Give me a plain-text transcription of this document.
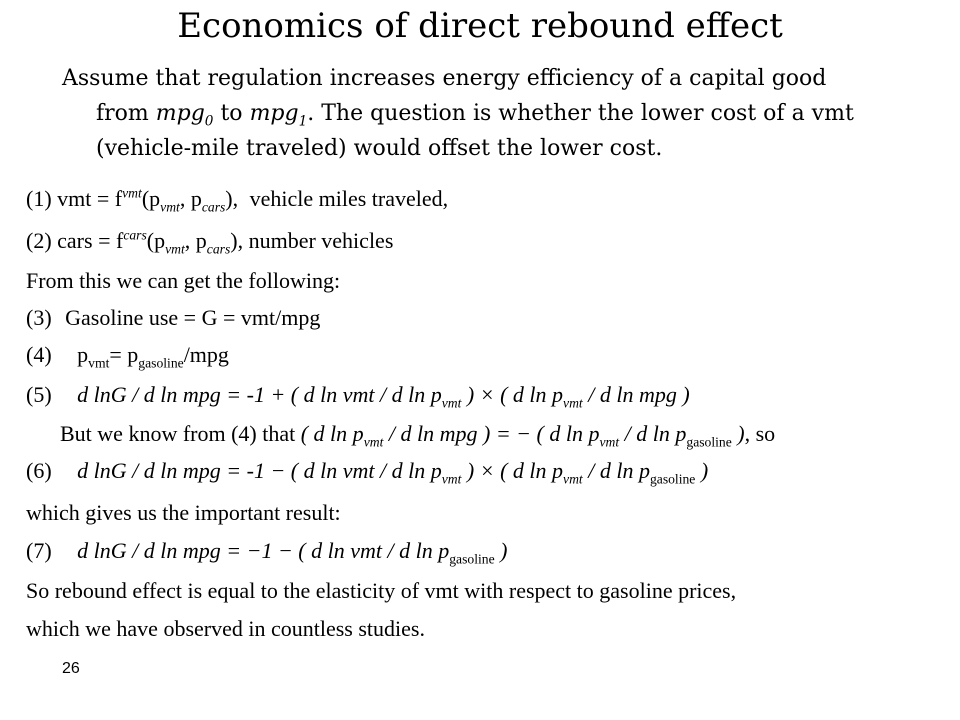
Economics of direct rebound effect
Assume that regulation increases energy efficiency of a capital good
from mpg$_0$ to mpg$_1$. The question is whether the lower cost of a vmt
(vehicle-mile traveled) would offset the lower cost.
(1) vmt = $f^{vmt}(p_{vmt}$, $p_{cars}$), vehicle miles traveled,
(2) cars = $f^{cars}(p_{vmt}$, $p_{cars}$), number vehicles
From this we can get the following:
(3) Gasoline use = G = vmt/mpg
(4) $p_{vmt}= p_{gasoline}/mpg$
(5) d lnG / d ln mpg = -1 + ( d ln vmt / d $\ln p_{vmt}$ ) × ( d $\ln p_{vmt}$ / d ln mpg )
But we know from (4) that ( d $\ln p_{vmt}$ / d ln mpg ) = − ( d $\ln p_{vmt}$ / d $\ln p_{gasoline}$ ), so
(6) d lnG / d ln mpg = -1 − ( d ln vmt / d $\ln p_{vmt}$ ) × ( d $\ln p_{vmt}$ / d $\ln p_{gasoline}$ )
which gives us the important result:
(7) d lnG / d ln mpg = −1 − ( d ln vmt / d $\ln p_{gasoline}$ )
So rebound effect is equal to the elasticity of vmt with respect to gasoline prices,
which we have observed in countless studies.
26
